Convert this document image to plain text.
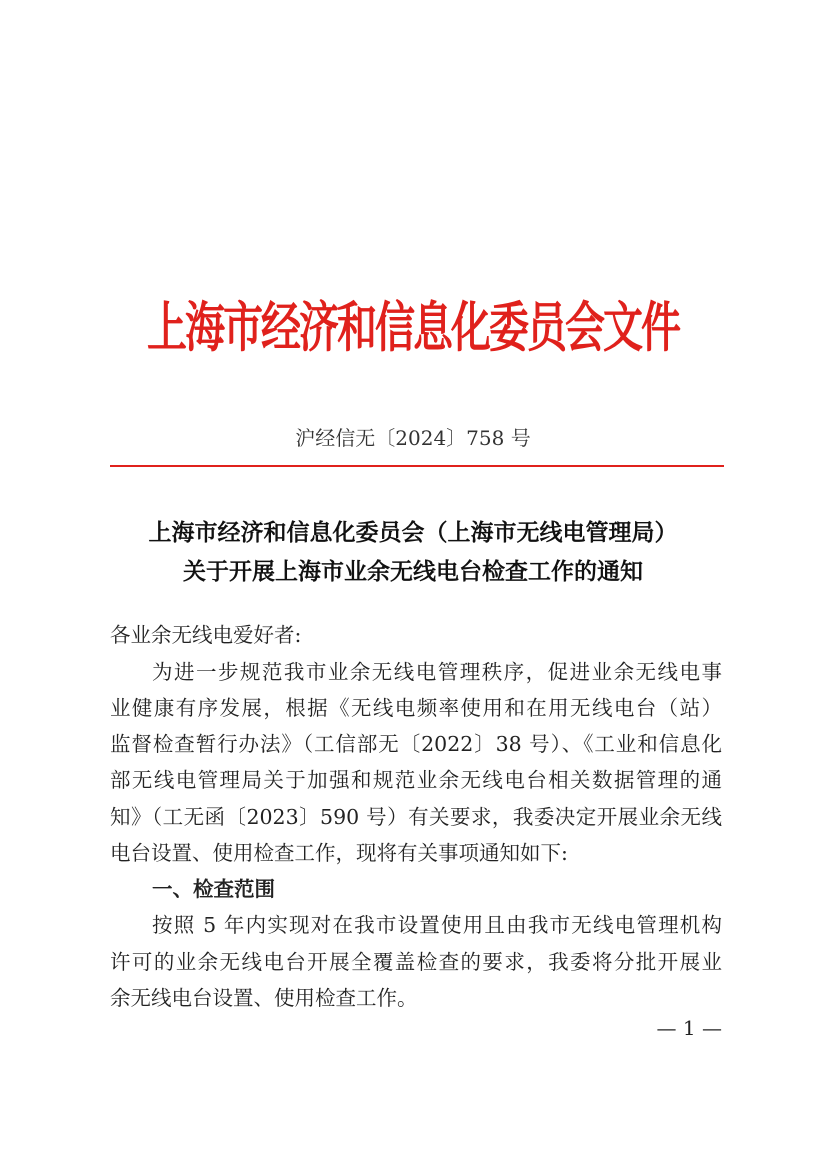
上海市经济和信息化委员会文件
沪经信无〔2024〕758 号
上海市经济和信息化委员会（上海市无线电管理局）
关于开展上海市业余无线电台检查工作的通知
各业余无线电爱好者:
为进一步规范我市业余无线电管理秩序，促进业余无线电事
业健康有序发展，根据《无线电频率使用和在用无线电台（站）
监督检查暂行办法》（工信部无〔2022〕38 号）、《工业和信息化
部无线电管理局关于加强和规范业余无线电台相关数据管理的通
知》（工无函〔2023〕590 号）有关要求，我委决定开展业余无线
电台设置、使用检查工作，现将有关事项通知如下:
一、检查范围
按照 5 年内实现对在我市设置使用且由我市无线电管理机构
许可的业余无线电台开展全覆盖检查的要求，我委将分批开展业
余无线电台设置、使用检查工作。
— 1 —
